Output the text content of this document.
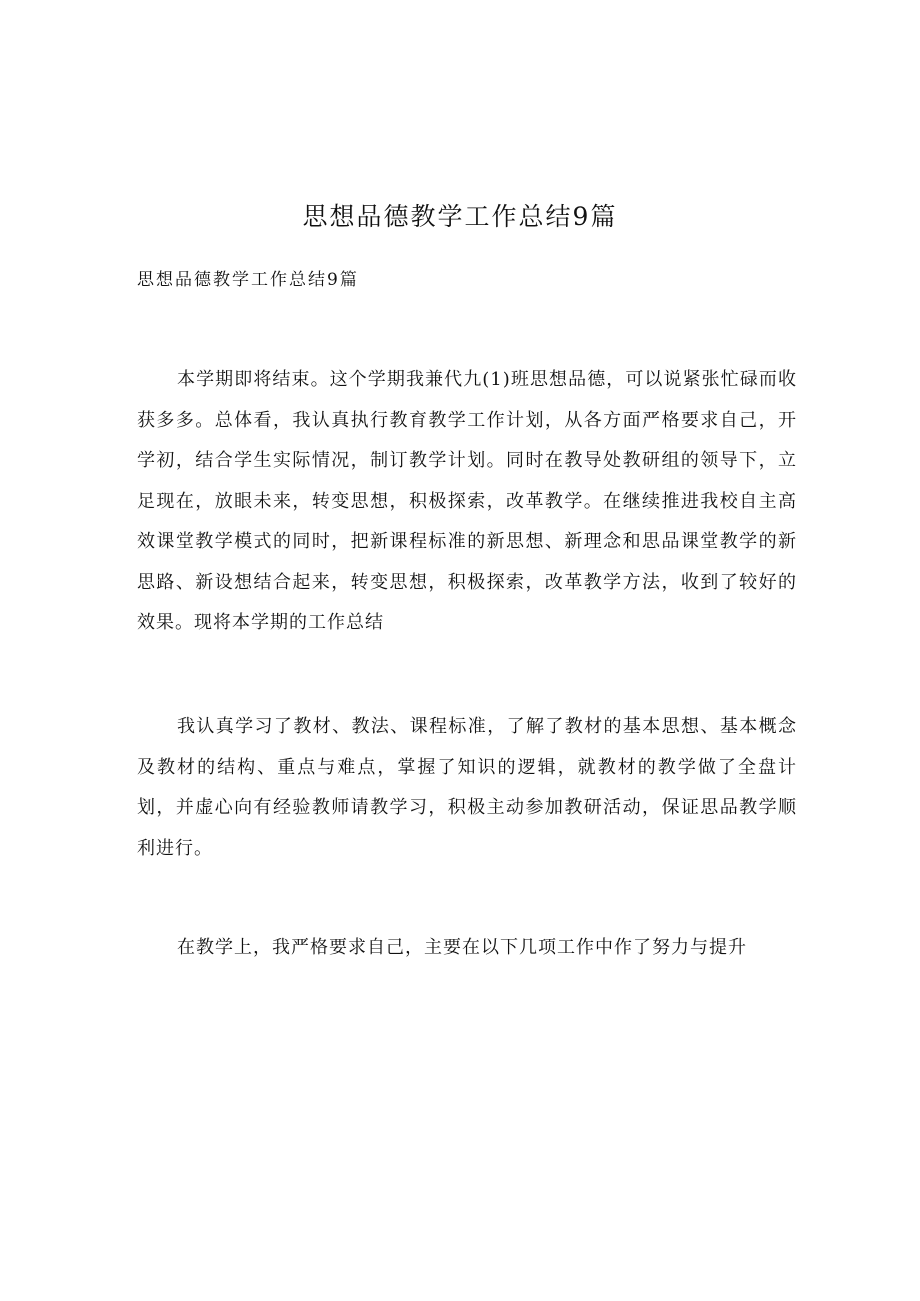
思想品德教学工作总结9篇
思想品德教学工作总结9篇

本学期即将结束。这个学期我兼代九(1)班思想品德，可以说紧张忙碌而收获多多。总体看，我认真执行教育教学工作计划，从各方面严格要求自己，开学初，结合学生实际情况，制订教学计划。同时在教导处教研组的领导下，立足现在，放眼未来，转变思想，积极探索，改革教学。在继续推进我校自主高效课堂教学模式的同时，把新课程标准的新思想、新理念和思品课堂教学的新思路、新设想结合起来，转变思想，积极探索，改革教学方法，收到了较好的效果。现将本学期的工作总结

我认真学习了教材、教法、课程标准，了解了教材的基本思想、基本概念及教材的结构、重点与难点，掌握了知识的逻辑，就教材的教学做了全盘计划，并虚心向有经验教师请教学习，积极主动参加教研活动，保证思品教学顺利进行。

在教学上，我严格要求自己，主要在以下几项工作中作了努力与提升
